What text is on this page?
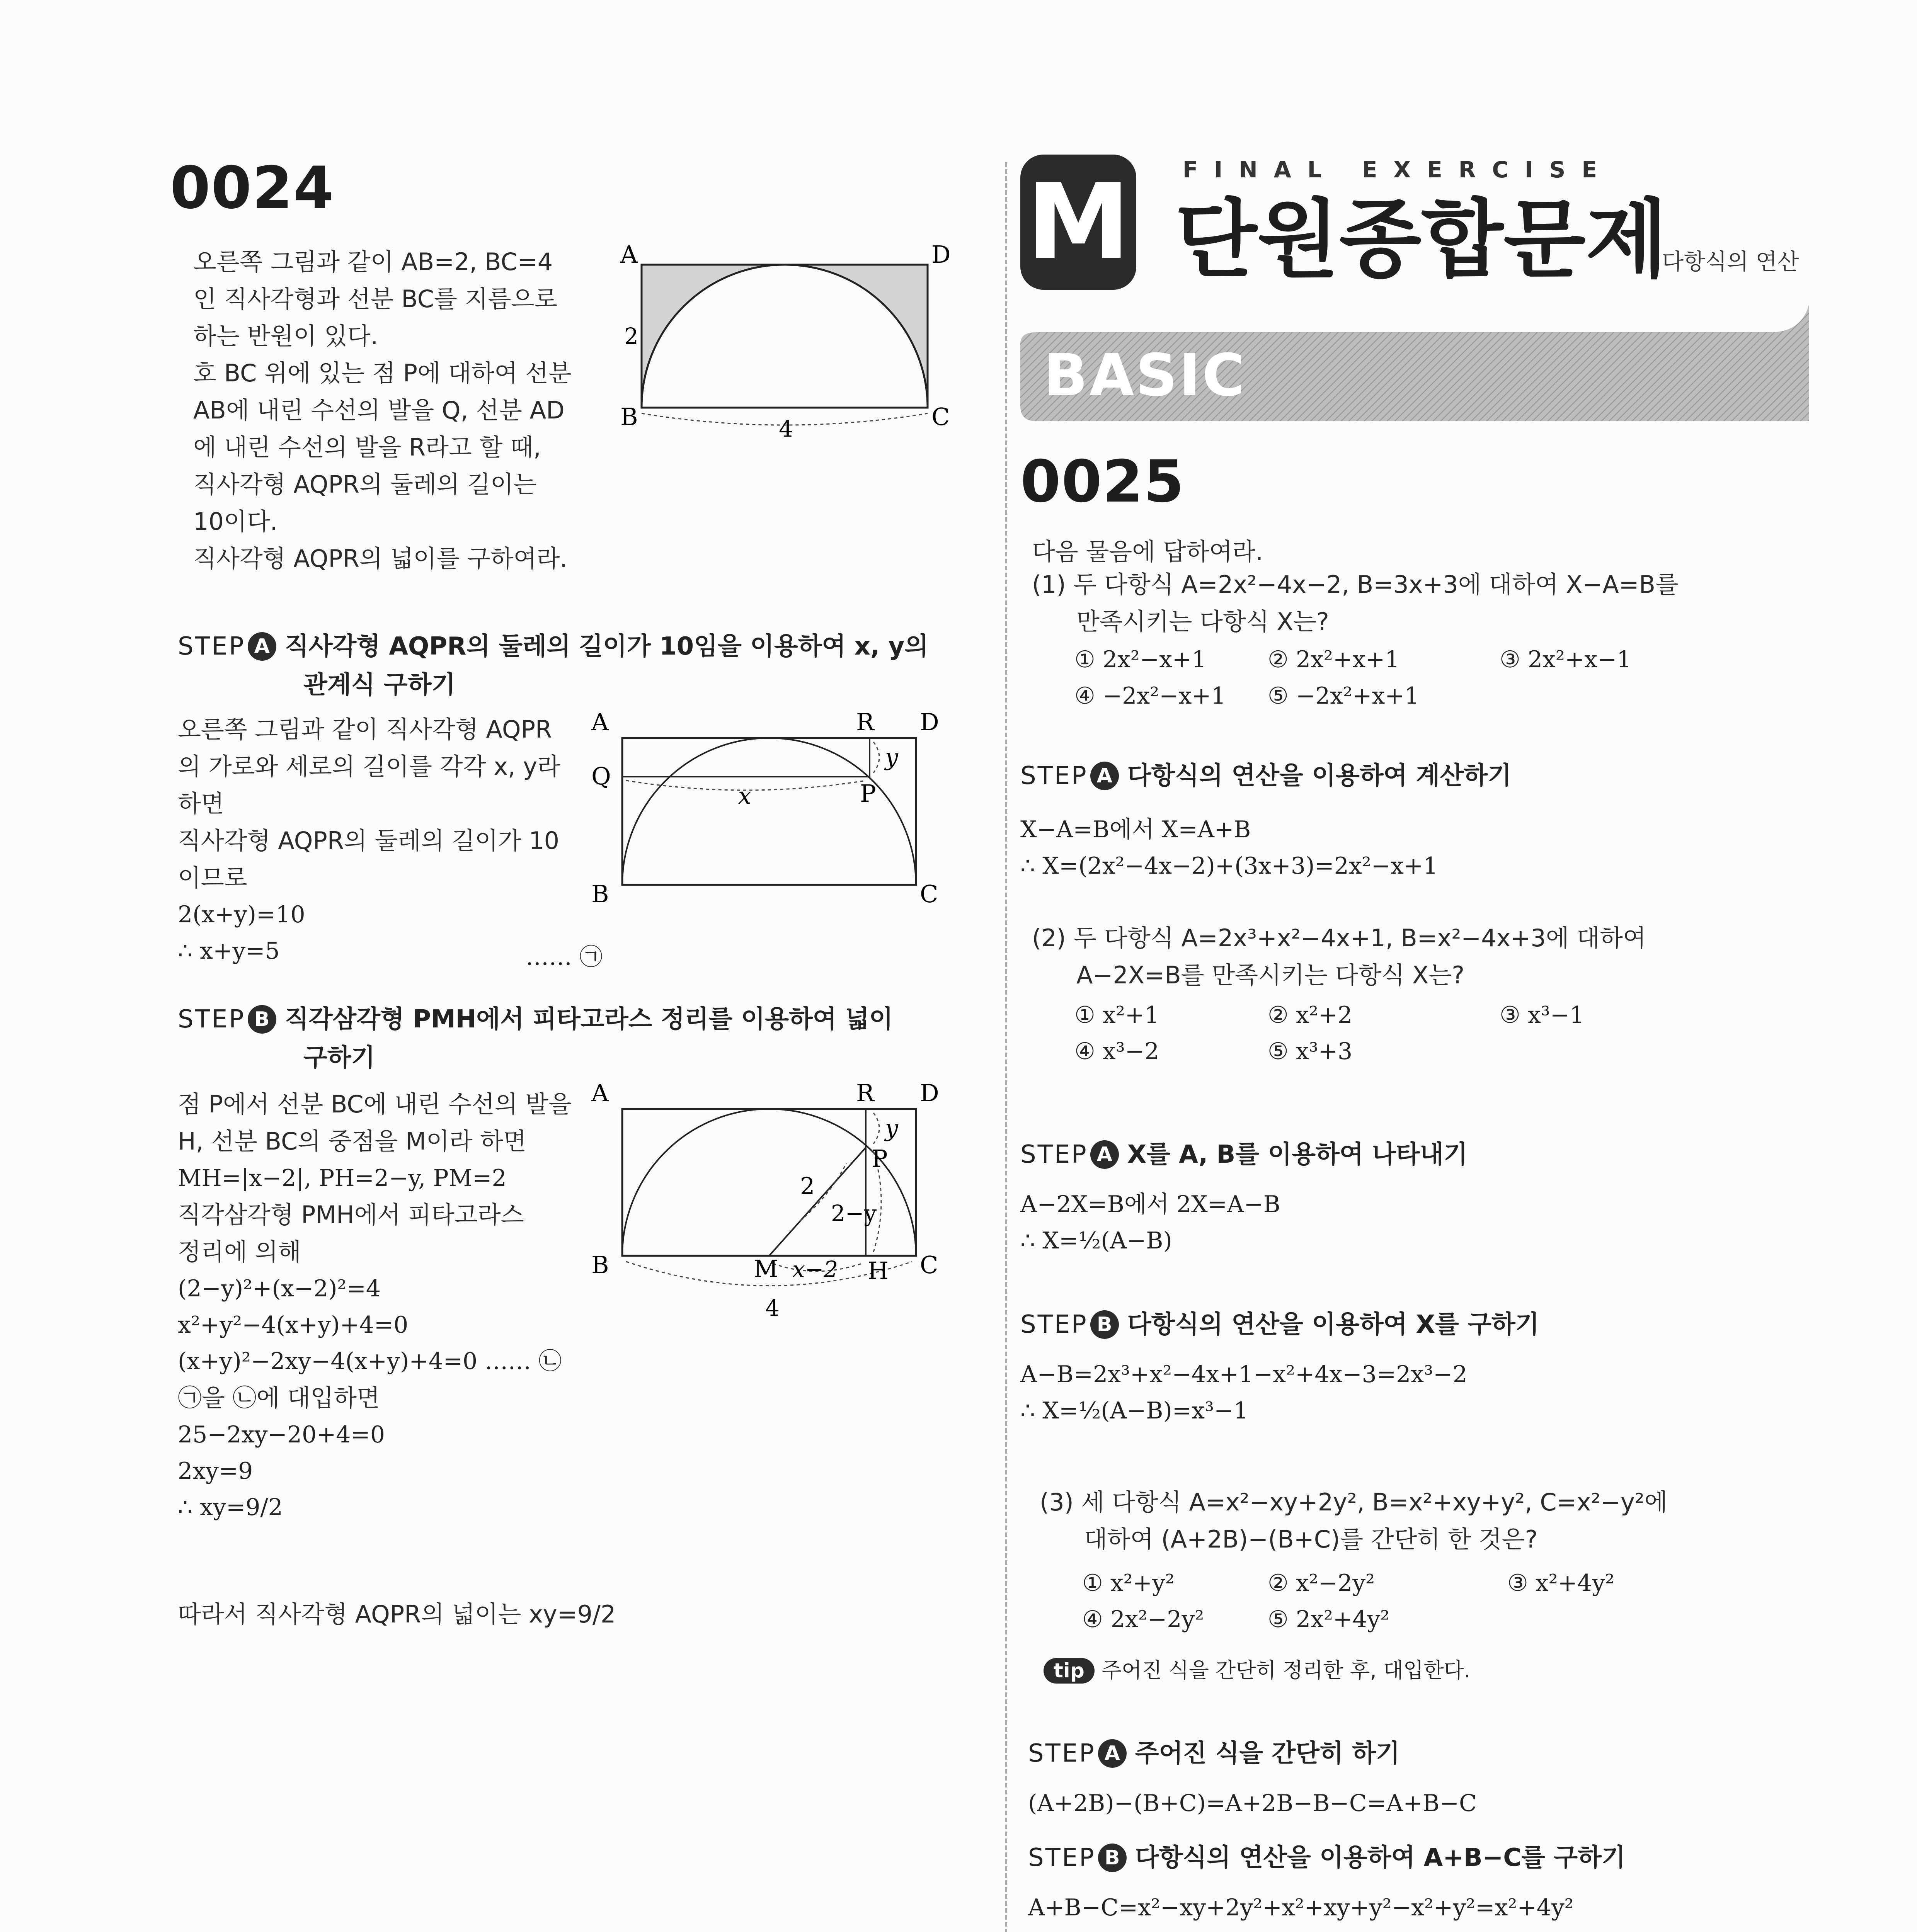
0024
오른쪽 그림과 같이 AB=2, BC=4
인 직사각형과 선분 BC를 지름으로
하는 반원이 있다.
호 BC 위에 있는 점 P에 대하여 선분
AB에 내린 수선의 발을 Q, 선분 AD
에 내린 수선의 발을 R라고 할 때,
직사각형 AQPR의 둘레의 길이는
10이다.
직사각형 AQPR의 넓이를 구하여라.
A	D
B	C
2
4
STEP A 직사각형 AQPR의 둘레의 길이가 10임을 이용하여 x, y의
관계식 구하기
오른쪽 그림과 같이 직사각형 AQPR
의 가로와 세로의 길이를 각각 x, y라
하면
직사각형 AQPR의 둘레의 길이가 10
이므로
2(x+y)=10
∴ x+y=5	…… ㉠
A	R D
Q
x	P
y
B	C
STEP B 직각삼각형 PMH에서 피타고라스 정리를 이용하여 넓이
구하기
점 P에서 선분 BC에 내린 수선의 발을
H, 선분 BC의 중점을 M이라 하면
MH=|x−2|, PH=2−y, PM=2
직각삼각형 PMH에서 피타고라스
정리에 의해
(2−y)²+(x−2)²=4
x²+y²−4(x+y)+4=0
(x+y)²−2xy−4(x+y)+4=0 …… ㉡
㉠을 ㉡에 대입하면
25−2xy−20+4=0
2xy=9
∴ xy=9/2
따라서 직사각형 AQPR의 넓이는 xy=9/2
A	R D
y
P
2
2−y
B	M x−2 H C
4
M FINAL EXERCISE
단원종합문제
다항식의 연산
BASIC
0025
다음 물음에 답하여라.
(1) 두 다항식 A=2x²−4x−2, B=3x+3에 대하여 X−A=B를
만족시키는 다항식 X는?
① 2x²−x+1	② 2x²+x+1	③ 2x²+x−1
④ −2x²−x+1 ⑤ −2x²+x+1
STEP A 다항식의 연산을 이용하여 계산하기
X−A=B에서 X=A+B
∴ X=(2x²−4x−2)+(3x+3)=2x²−x+1
(2) 두 다항식 A=2x³+x²−4x+1, B=x²−4x+3에 대하여
A−2X=B를 만족시키는 다항식 X는?
① x²+1	② x²+2	③ x³−1
④ x³−2	⑤ x³+3
STEP A X를 A, B를 이용하여 나타내기
A−2X=B에서 2X=A−B
∴ X=½(A−B)
STEP B 다항식의 연산을 이용하여 X를 구하기
A−B=2x³+x²−4x+1−x²+4x−3=2x³−2
∴ X=½(A−B)=x³−1
(3) 세 다항식 A=x²−xy+2y², B=x²+xy+y², C=x²−y²에
대하여 (A+2B)−(B+C)를 간단히 한 것은?
① x²+y²	② x²−2y²	③ x²+4y²
④ 2x²−2y²	⑤ 2x²+4y²
tip 주어진 식을 간단히 정리한 후, 대입한다.
STEP A 주어진 식을 간단히 하기
(A+2B)−(B+C)=A+2B−B−C=A+B−C
STEP B 다항식의 연산을 이용하여 A+B−C를 구하기
A+B−C=x²−xy+2y²+x²+xy+y²−x²+y²=x²+4y²
